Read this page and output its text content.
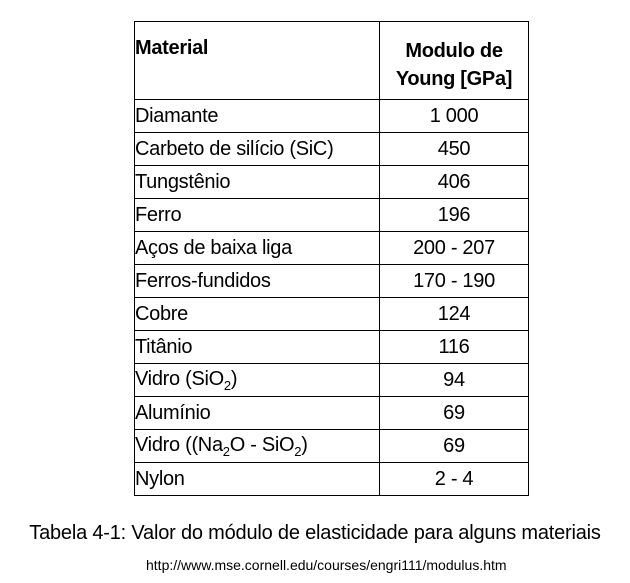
Material	Modulo de
Young [GPa]
Diamante	1 000
Carbeto de silício (SiC)	450
Tungstênio	406
Ferro	196
Aços de baixa liga	200 - 207
Ferros-fundidos	170 - 190
Cobre	124
Titânio	116
Vidro (SiO$_2$)	94
Alumínio	69
Vidro ($(Na_2O - SiO_2)$	69
Nylon	2 - 4
Tabela 4-1: Valor do módulo de elasticidade para alguns materiais
http://www.mse.cornell.edu/courses/engri111/modulus.htm
